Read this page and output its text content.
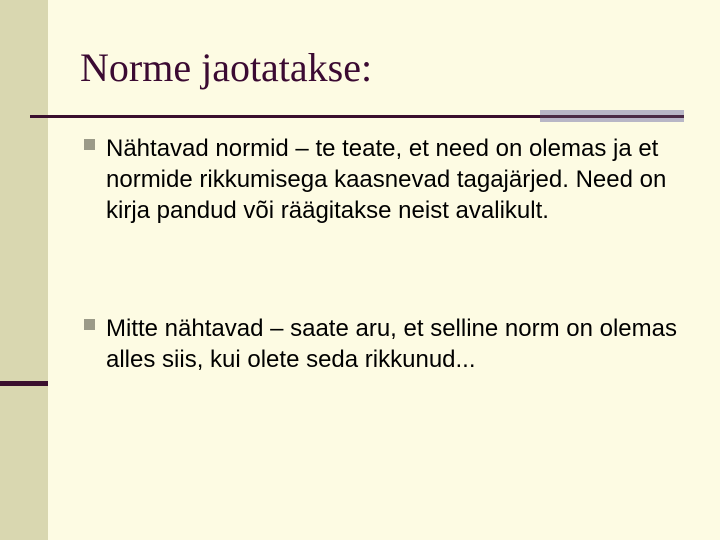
Norme jaotatakse:

Nähtavad normid – te teate, et need on olemas ja et normide rikkumisega kaasnevad tagajärjed. Need on kirja pandud või räägitakse neist avalikult.

Mitte nähtavad – saate aru, et selline norm on olemas alles siis, kui olete seda rikkunud...
